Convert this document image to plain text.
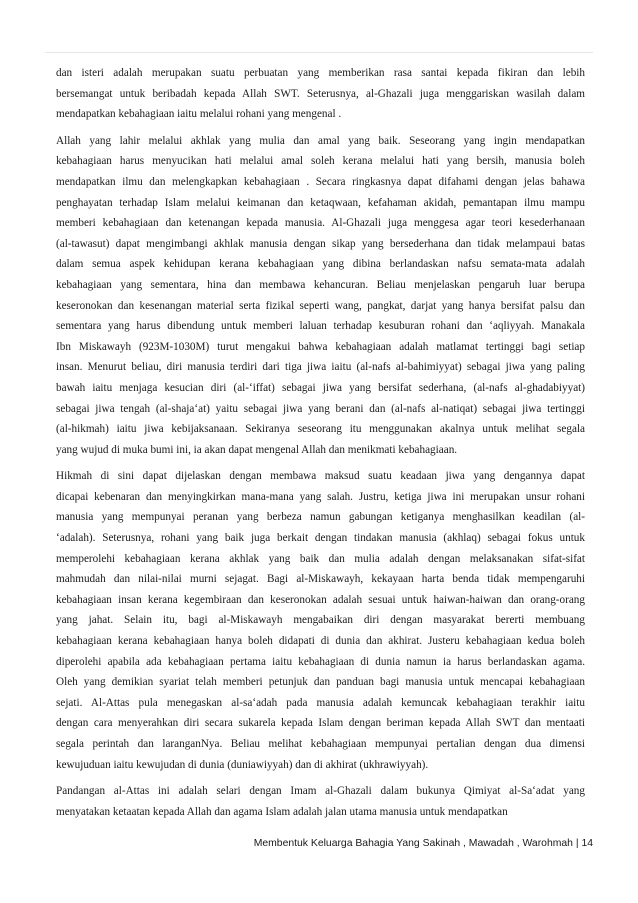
dan isteri adalah merupakan suatu perbuatan yang memberikan rasa santai kepada fikiran dan lebih
bersemangat untuk beribadah kepada Allah SWT. Seterusnya, al-Ghazali juga menggariskan wasilah dalam
mendapatkan kebahagiaan iaitu melalui rohani yang mengenal .
Allah yang lahir melalui akhlak yang mulia dan amal yang baik. Seseorang yang ingin mendapatkan
kebahagiaan harus menyucikan hati melalui amal soleh kerana melalui hati yang bersih, manusia boleh
mendapatkan ilmu dan melengkapkan kebahagiaan . Secara ringkasnya dapat difahami dengan jelas bahawa
penghayatan terhadap Islam melalui keimanan dan ketaqwaan, kefahaman akidah, pemantapan ilmu mampu
memberi kebahagiaan dan ketenangan kepada manusia. Al-Ghazali juga menggesa agar teori kesederhanaan
(al-tawasut) dapat mengimbangi akhlak manusia dengan sikap yang bersederhana dan tidak melampaui batas
dalam semua aspek kehidupan kerana kebahagiaan yang dibina berlandaskan nafsu semata-mata adalah
kebahagiaan yang sementara, hina dan membawa kehancuran. Beliau menjelaskan pengaruh luar berupa
keseronokan dan kesenangan material serta fizikal seperti wang, pangkat, darjat yang hanya bersifat palsu dan
sementara yang harus dibendung untuk memberi laluan terhadap kesuburan rohani dan ‘aqliyyah. Manakala
Ibn Miskawayh (923M-1030M) turut mengakui bahwa kebahagiaan adalah matlamat tertinggi bagi setiap
insan. Menurut beliau, diri manusia terdiri dari tiga jiwa iaitu (al-nafs al-bahimiyyat) sebagai jiwa yang paling
bawah iaitu menjaga kesucian diri (al-‘iffat) sebagai jiwa yang bersifat sederhana, (al-nafs al-ghadabiyyat)
sebagai jiwa tengah (al-shaja‘at) yaitu sebagai jiwa yang berani dan (al-nafs al-natiqat) sebagai jiwa tertinggi
(al-hikmah) iaitu jiwa kebijaksanaan. Sekiranya seseorang itu menggunakan akalnya untuk melihat segala
yang wujud di muka bumi ini, ia akan dapat mengenal Allah dan menikmati kebahagiaan.
Hikmah di sini dapat dijelaskan dengan membawa maksud suatu keadaan jiwa yang dengannya dapat
dicapai kebenaran dan menyingkirkan mana-mana yang salah. Justru, ketiga jiwa ini merupakan unsur rohani
manusia yang mempunyai peranan yang berbeza namun gabungan ketiganya menghasilkan keadilan (al-
‘adalah). Seterusnya, rohani yang baik juga berkait dengan tindakan manusia (akhlaq) sebagai fokus untuk
memperolehi kebahagiaan kerana akhlak yang baik dan mulia adalah dengan melaksanakan sifat-sifat
mahmudah dan nilai-nilai murni sejagat. Bagi al-Miskawayh, kekayaan harta benda tidak mempengaruhi
kebahagiaan insan kerana kegembiraan dan keseronokan adalah sesuai untuk haiwan-haiwan dan orang-orang
yang jahat. Selain itu, bagi al-Miskawayh mengabaikan diri dengan masyarakat bererti membuang
kebahagiaan kerana kebahagiaan hanya boleh didapati di dunia dan akhirat. Justeru kebahagiaan kedua boleh
diperolehi apabila ada kebahagiaan pertama iaitu kebahagiaan di dunia namun ia harus berlandaskan agama.
Oleh yang demikian syariat telah memberi petunjuk dan panduan bagi manusia untuk mencapai kebahagiaan
sejati. Al-Attas pula menegaskan al-sa‘adah pada manusia adalah kemuncak kebahagiaan terakhir iaitu
dengan cara menyerahkan diri secara sukarela kepada Islam dengan beriman kepada Allah SWT dan mentaati
segala perintah dan laranganNya. Beliau melihat kebahagiaan mempunyai pertalian dengan dua dimensi
kewujuduan iaitu kewujudan di dunia (duniawiyyah) dan di akhirat (ukhrawiyyah).
Pandangan al-Attas ini adalah selari dengan Imam al-Ghazali dalam bukunya Qimiyat al-Sa‘adat yang
menyatakan ketaatan kepada Allah dan agama Islam adalah jalan utama manusia untuk mendapatkan
Membentuk Keluarga Bahagia Yang Sakinah , Mawadah , Warohmah | 14
